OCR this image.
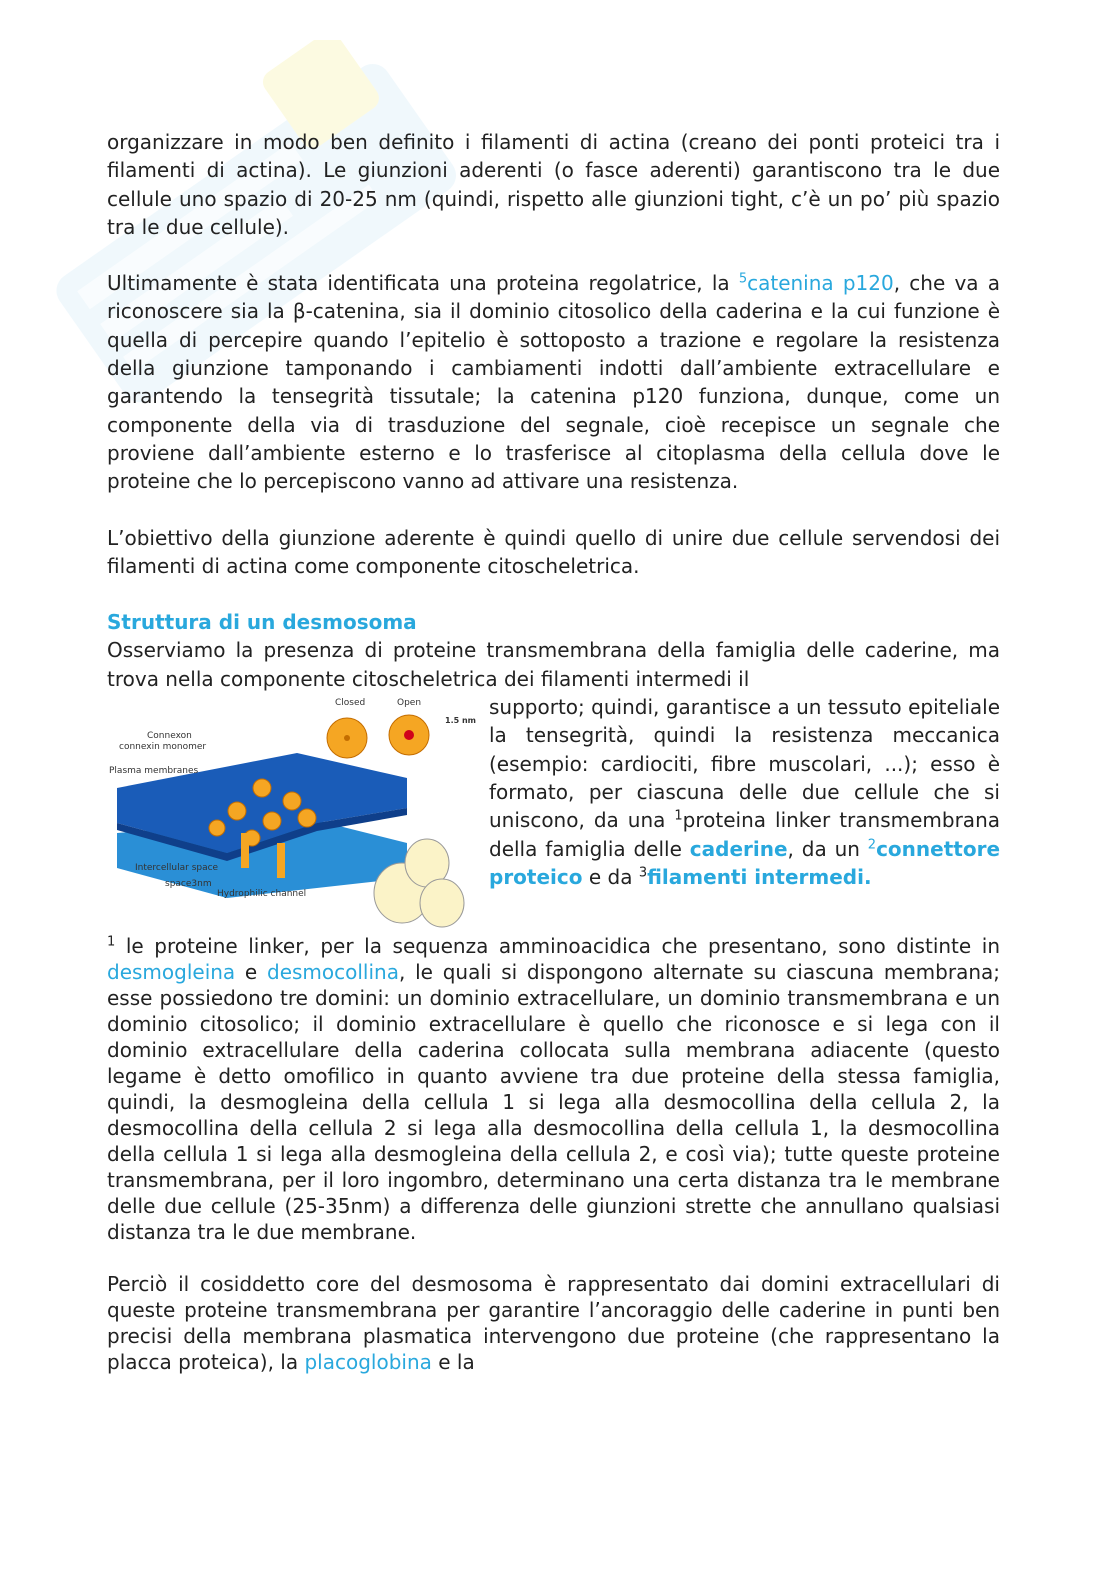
organizzare in modo ben definito i filamenti di actina (creano dei ponti proteici tra i filamenti di actina). Le giunzioni aderenti (o fasce aderenti) garantiscono tra le due cellule uno spazio di 20-25 nm (quindi, rispetto alle giunzioni tight, c’è un po’ più spazio tra le due cellule).

Ultimamente è stata identificata una proteina regolatrice, la $^5$catenina p120, che va a riconoscere sia la β-catenina, sia il dominio citosolico della caderina e la cui funzione è quella di percepire quando l’epitelio è sottoposto a trazione e regolare la resistenza della giunzione tamponando i cambiamenti indotti dall’ambiente extracellulare e garantendo la tensegrità tissutale; la catenina p120 funziona, dunque, come un componente della via di trasduzione del segnale, cioè recepisce un segnale che proviene dall’ambiente esterno e lo trasferisce al citoplasma della cellula dove le proteine che lo percepiscono vanno ad attivare una resistenza.

L’obiettivo della giunzione aderente è quindi quello di unire due cellule servendosi dei filamenti di actina come componente citoscheletrica.

Struttura di un desmosoma

Osserviamo la presenza di proteine transmembrana della famiglia delle caderine, ma trova nella componente citoscheletrica dei filamenti intermedi il

Closed	Open
1.5 nm
Connexon
connexin monomer
Plasma membranes
Intercellular space
space3nm
Hydrophilic channel

supporto; quindi, garantisce a un tessuto epiteliale la tensegrità, quindi la resistenza meccanica (esempio: cardiociti, fibre muscolari, ...); esso è formato, per ciascuna delle due cellule che si uniscono, da una $^1$proteina linker transmembrana della famiglia delle caderine, da un $^2$connettore proteico e da $^3$filamenti intermedi.

$^1$ le proteine linker, per la sequenza amminoacidica che presentano, sono distinte in desmogleina e desmocollina, le quali si dispongono alternate su ciascuna membrana; esse possiedono tre domini: un dominio extracellulare, un dominio transmembrana e un dominio citosolico; il dominio extracellulare è quello che riconosce e si lega con il dominio extracellulare della caderina collocata sulla membrana adiacente (questo legame è detto omofilico in quanto avviene tra due proteine della stessa famiglia, quindi, la desmogleina della cellula 1 si lega alla desmocollina della cellula 2, la desmocollina della cellula 2 si lega alla desmocollina della cellula 1, la desmocollina della cellula 1 si lega alla desmogleina della cellula 2, e così via); tutte queste proteine transmembrana, per il loro ingombro, determinano una certa distanza tra le membrane delle due cellule (25-35nm) a differenza delle giunzioni strette che annullano qualsiasi distanza tra le due membrane.

Perciò il cosiddetto core del desmosoma è rappresentato dai domini extracellulari di queste proteine transmembrana per garantire l’ancoraggio delle caderine in punti ben precisi della membrana plasmatica intervengono due proteine (che rappresentano la placca proteica), la placoglobina e la
